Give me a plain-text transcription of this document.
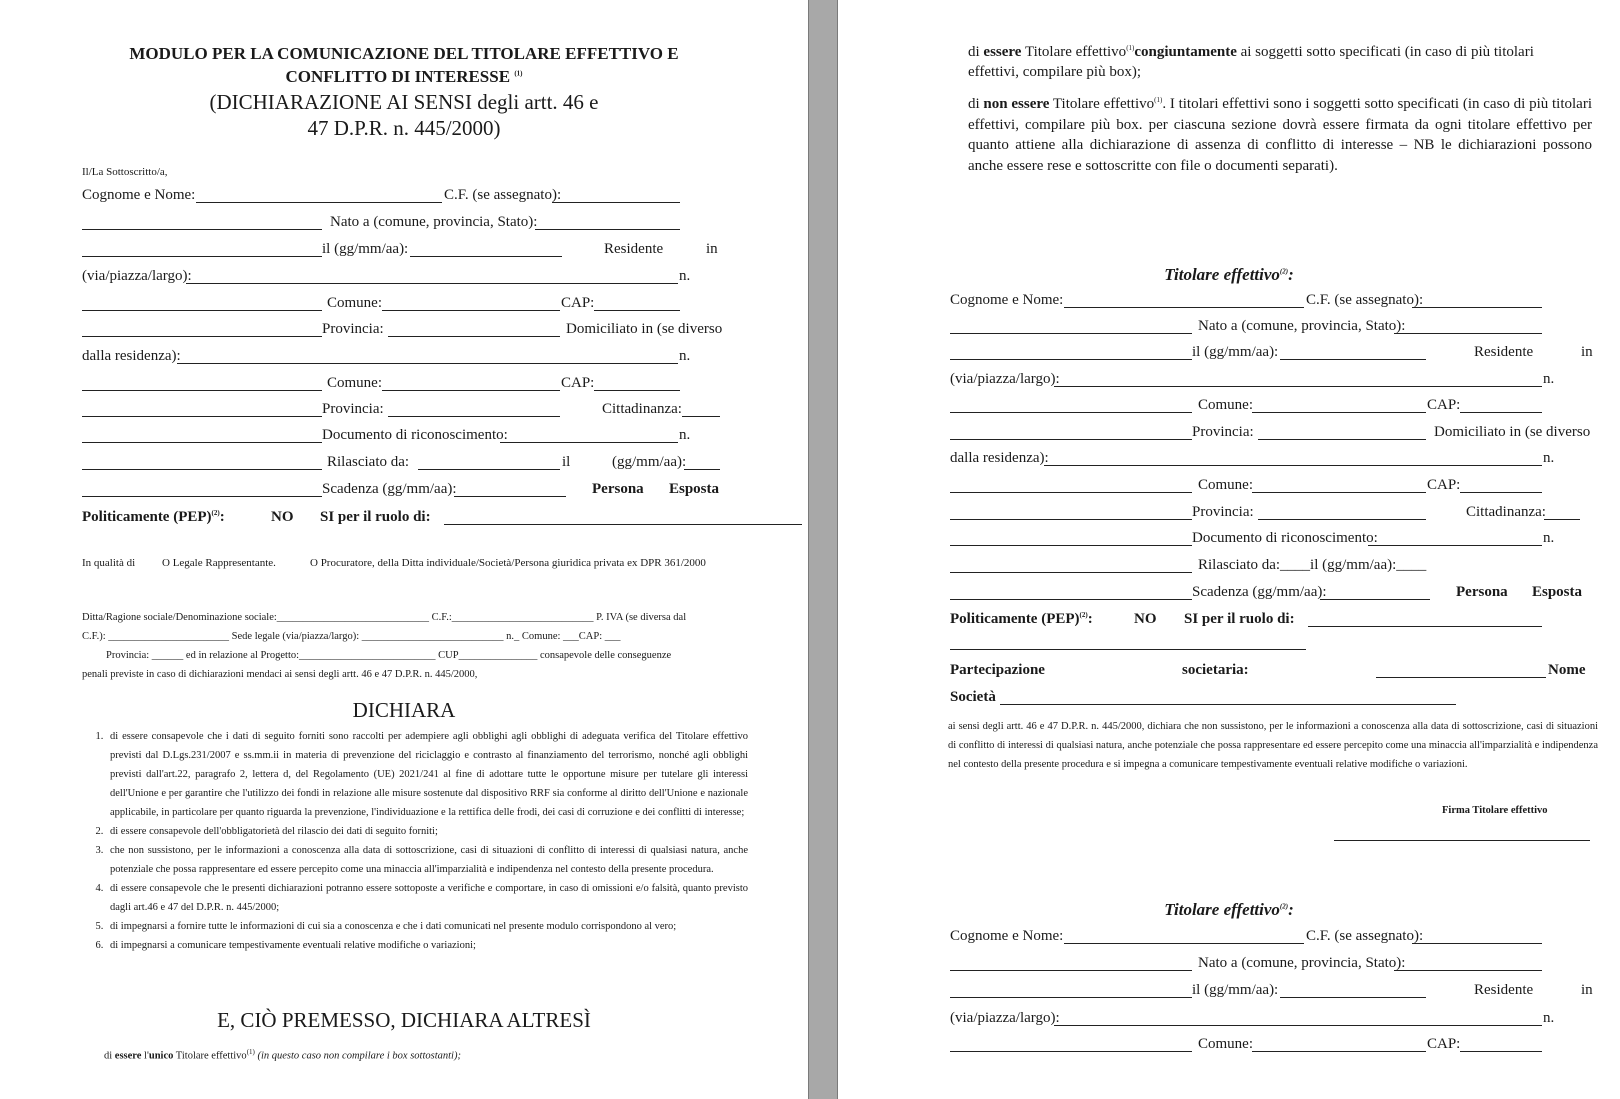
MODULO PER LA COMUNICAZIONE DEL TITOLARE EFFETTIVO E
CONFLITTO DI INTERESSE $^{(1)}$
(DICHIARAZIONE AI SENSI degli artt. 46 e
47 D.P.R. n. 445/2000)
Il/La Sottoscritto/a,
Cognome e Nome:	C.F. (se assegnato):
Nato a (comune, provincia, Stato):
il (gg/mm/aa):	Residente	in
(via/piazza/largo):	n.
Comune:	CAP:
Provincia:	Domiciliato in (se diverso
dalla residenza):	n.
Comune:	CAP:
Provincia:	Cittadinanza:
Documento di riconoscimento:	n.
Rilasciato da:	il	(gg/mm/aa):
Scadenza (gg/mm/aa):	Persona Esposta
Politicamente (PEP)$^{(2)}$:	NO SI per il ruolo di:
In qualità di O Legale Rappresentante.	O Procuratore, della Ditta individuale/Società/Persona giuridica privata ex DPR 361/2000
Ditta/Ragione sociale/Denominazione sociale:_____________________________ C.F.:___________________________ P. IVA (se diversa dal
C.F.): _______________________ Sede legale (via/piazza/largo): ___________________________ n._ Comune: ___CAP: ___
Provincia: ______ ed in relazione al Progetto:__________________________ CUP_______________ consapevole delle conseguenze
penali previste in caso di dichiarazioni mendaci ai sensi degli artt. 46 e 47 D.P.R. n. 445/2000,
DICHIARA
1. di essere consapevole che i dati di seguito forniti sono raccolti per adempiere agli obblighi agli obblighi di adeguata verifica del Titolare effettivo previsti dal D.Lgs.231/2007 e ss.mm.ii in materia di prevenzione del riciclaggio e contrasto al finanziamento del terrorismo, nonché agli obblighi previsti dall'art.22, paragrafo 2, lettera d, del Regolamento (UE) 2021/241 al fine di adottare tutte le opportune misure per tutelare gli interessi dell'Unione e per garantire che l'utilizzo dei fondi in relazione alle misure sostenute dal dispositivo RRF sia conforme al diritto dell'Unione e nazionale applicabile, in particolare per quanto riguarda la prevenzione, l'individuazione e la rettifica delle frodi, dei casi di corruzione e dei conflitti di interesse;
2. di essere consapevole dell'obbligatorietà del rilascio dei dati di seguito forniti;
3. che non sussistono, per le informazioni a conoscenza alla data di sottoscrizione, casi di situazioni di conflitto di interessi di qualsiasi natura, anche potenziale che possa rappresentare ed essere percepito come una minaccia all'imparzialità e indipendenza nel contesto della presente procedura.
4. di essere consapevole che le presenti dichiarazioni potranno essere sottoposte a verifiche e comportare, in caso di omissioni e/o falsità, quanto previsto dagli art.46 e 47 del D.P.R. n. 445/2000;
5. di impegnarsi a fornire tutte le informazioni di cui sia a conoscenza e che i dati comunicati nel presente modulo corrispondono al vero;
6. di impegnarsi a comunicare tempestivamente eventuali relative modifiche o variazioni;
E, CIÒ PREMESSO, DICHIARA ALTRESÌ
di essere l'unico Titolare effettivo$^{(1)}$ (in questo caso non compilare i box sottostanti);
di essere Titolare effettivo$^{(1)}$congiuntamente ai soggetti sotto specificati (in caso di più titolari
effettivi, compilare più box);
di non essere Titolare effettivo$^{(1)}$. I titolari effettivi sono i soggetti sotto specificati (in caso di più titolari effettivi, compilare più box. per ciascuna sezione dovrà essere firmata da ogni titolare effettivo per quanto attiene alla dichiarazione di assenza di conflitto di interesse – NB le dichiarazioni possono anche essere rese e sottoscritte con file o documenti separati).
Titolare effettivo$^{(2)}$:
Cognome e Nome:	C.F. (se assegnato):
Nato a (comune, provincia, Stato):
il (gg/mm/aa):	Residente	in
(via/piazza/largo):	n.
Comune:	CAP:
Provincia:	Domiciliato in (se diverso
dalla residenza):	n.
Comune:	CAP:
Provincia:	Cittadinanza:
Documento di riconoscimento:	n.
Rilasciato da:____il (gg/mm/aa):____
Scadenza (gg/mm/aa):	Persona Esposta
Politicamente (PEP)$^{(2)}$:	NO SI per il ruolo di:
Partecipazione	societaria:	Nome
Società
ai sensi degli artt. 46 e 47 D.P.R. n. 445/2000, dichiara che non sussistono, per le informazioni a conoscenza alla data di sottoscrizione, casi di situazioni di conflitto di interessi di qualsiasi natura, anche potenziale che possa rappresentare ed essere percepito come una minaccia all'imparzialità e indipendenza nel contesto della presente procedura e si impegna a comunicare tempestivamente eventuali relative modifiche o variazioni.
Firma Titolare effettivo
Titolare effettivo$^{(2)}$:
Cognome e Nome:	C.F. (se assegnato):
Nato a (comune, provincia, Stato):
il (gg/mm/aa):	Residente	in
(via/piazza/largo):	n.
Comune:	CAP:
